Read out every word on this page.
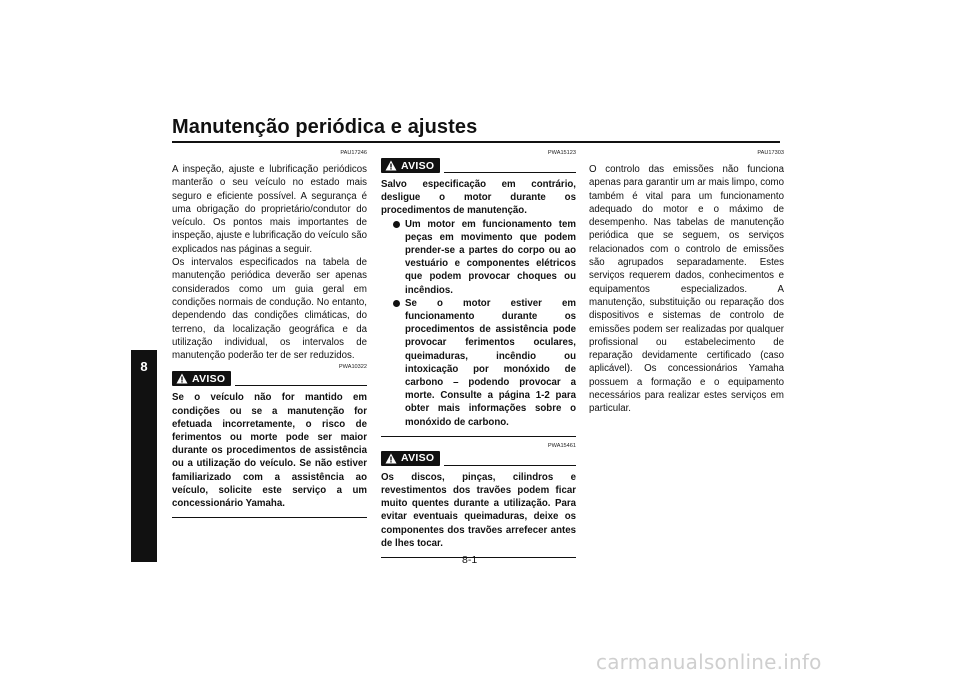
Manutenção periódica e ajustes
8
PAU17246

A inspeção, ajuste e lubrificação periódicos manterão o seu veículo no estado mais seguro e eficiente possível. A segurança é uma obrigação do proprietário/condutor do veículo. Os pontos mais importantes de inspeção, ajuste e lubrificação do veículo são explicados nas páginas a seguir.

Os intervalos especificados na tabela de manutenção periódica deverão ser apenas considerados como um guia geral em condições normais de condução. No entanto, dependendo das condições climáticas, do terreno, da localização geográfica e da utilização individual, os intervalos de manutenção poderão ter de ser reduzidos.

PWA10322
AVISO

Se o veículo não for mantido em condições ou se a manutenção for efetuada incorretamente, o risco de ferimentos ou morte pode ser maior durante os procedimentos de assistência ou a utilização do veículo. Se não estiver familiarizado com a assistência ao veículo, solicite este serviço a um concessionário Yamaha.

PWA15123
AVISO

Salvo especificação em contrário, desligue o motor durante os procedimentos de manutenção.

Um motor em funcionamento tem peças em movimento que podem prender-se a partes do corpo ou ao vestuário e componentes elétricos que podem provocar choques ou incêndios.
Se o motor estiver em funcionamento durante os procedimentos de assistência pode provocar ferimentos oculares, queimaduras, incêndio ou intoxicação por monóxido de carbono – podendo provocar a morte. Consulte a página 1-2 para obter mais informações sobre o monóxido de carbono.
PWA15461
AVISO

Os discos, pinças, cilindros e revestimentos dos travões podem ficar muito quentes durante a utilização. Para evitar eventuais queimaduras, deixe os componentes dos travões arrefecer antes de lhes tocar.

PAU17303

O controlo das emissões não funciona apenas para garantir um ar mais limpo, como também é vital para um funcionamento adequado do motor e o máximo de desempenho. Nas tabelas de manutenção periódica que se seguem, os serviços relacionados com o controlo de emissões são agrupados separadamente. Estes serviços requerem dados, conhecimentos e equipamentos especializados. A manutenção, substituição ou reparação dos dispositivos e sistemas de controlo de emissões podem ser realizadas por qualquer profissional ou estabelecimento de reparação devidamente certificado (caso aplicável). Os concessionários Yamaha possuem a formação e o equipamento necessários para realizar estes serviços em particular.

8-1
carmanualsonline.info
